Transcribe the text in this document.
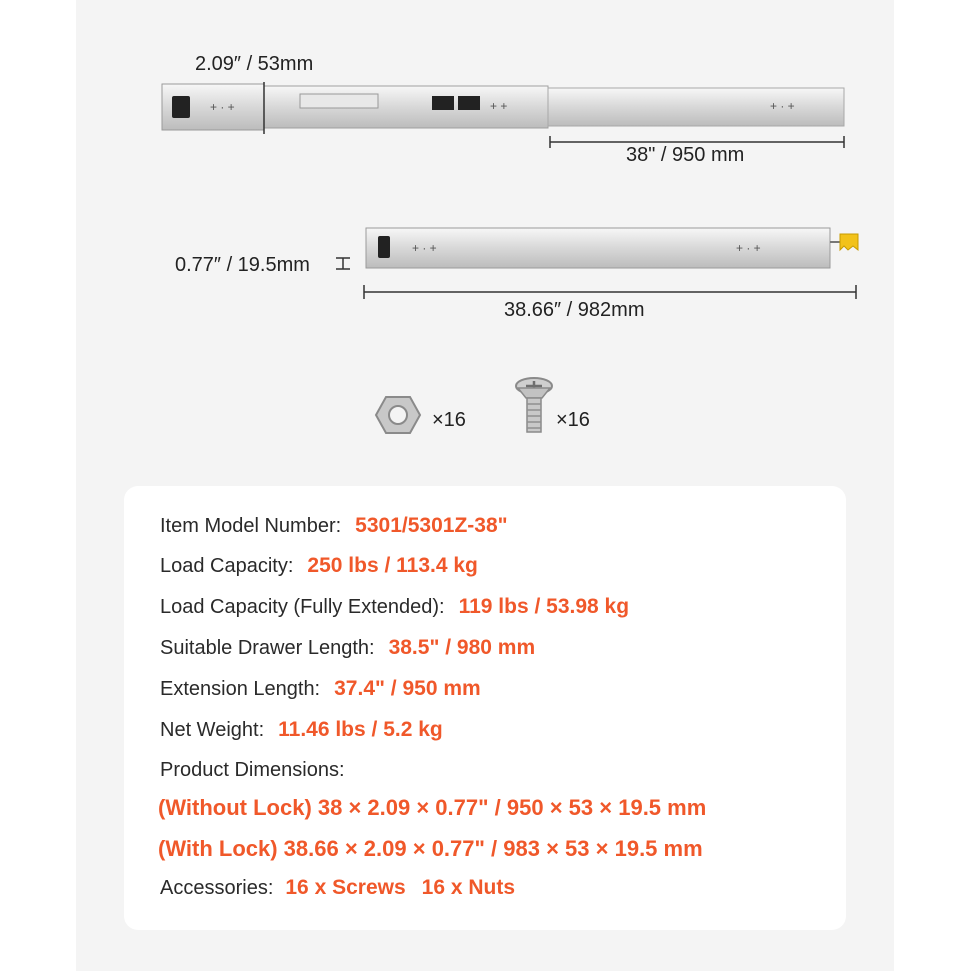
+ · +	+ +	+ · +
2.09″ / 53mm
38" / 950 mm
+ · +	+ · +
0.77″ / 19.5mm
38.66″ / 982mm
×16	×16
Item Model Number: 5301/5301Z-38"
Load Capacity: 250 lbs / 113.4 kg
Load Capacity (Fully Extended): 119 lbs / 53.98 kg
Suitable Drawer Length: 38.5" / 980 mm
Extension Length: 37.4" / 950 mm
Net Weight: 11.46 lbs / 5.2 kg
Product Dimensions:
(Without Lock) 38 × 2.09 × 0.77" / 950 × 53 × 19.5 mm
(With Lock) 38.66 × 2.09 × 0.77" / 983 × 53 × 19.5 mm
Accessories: 16 x Screws 16 x Nuts
